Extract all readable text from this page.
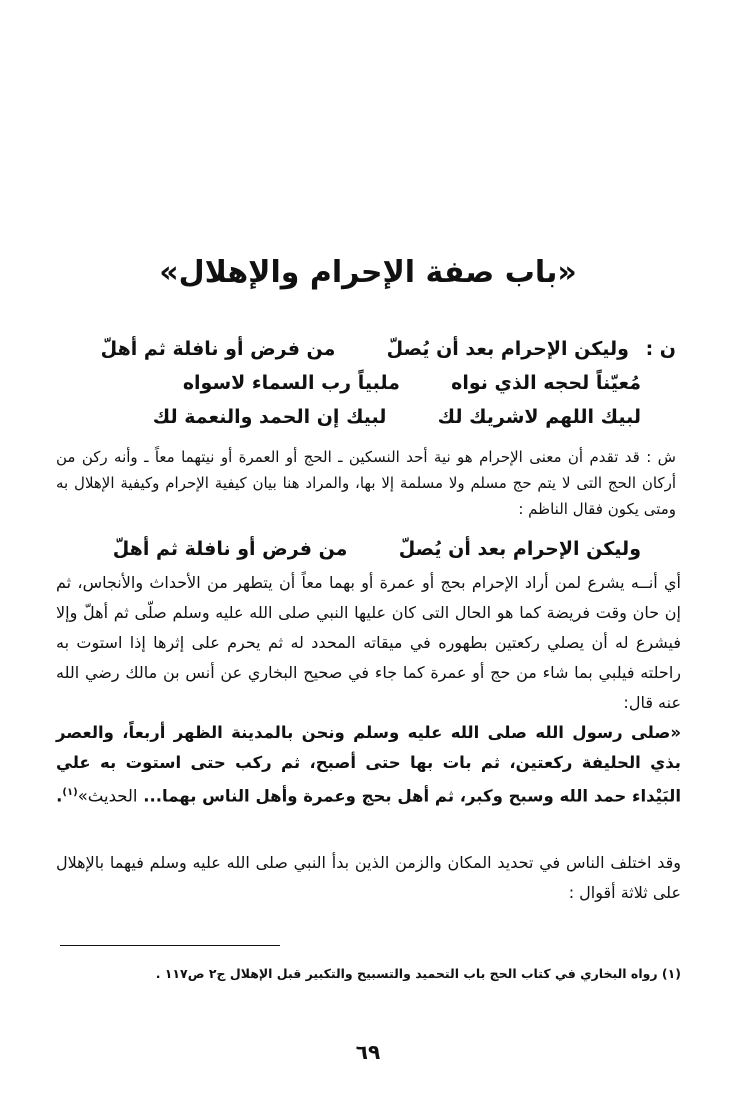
«باب صفة الإحرام والإهلال»
ن : وليكن الإحرام بعد أن يُصلّ  من فرض أو نافلة ثم أهلّ
مُعيّناً لحجه الذي نواه  ملبياً رب السماء لاسواه
لبيك اللهم لاشريك لك  لبيك إن الحمد والنعمة لك
ش : قد تقدم أن معنى الإحرام هو نية أحد النسكين ـ الحج أو العمرة أو نيتهما معاً ـ وأنه ركن من أركان الحج التى لا يتم حج مسلم ولا مسلمة إلا بها، والمراد هنا بيان كيفية الإحرام وكيفية الإهلال به ومتى يكون فقال الناظم :
وليكن الإحرام بعد أن يُصلّ  من فرض أو نافلة ثم أهلّ
أي أنــه يشرع لمن أراد الإحرام بحج أو عمرة أو بهما معاً أن يتطهر من الأحداث والأنجاس، ثم إن حان وقت فريضة كما هو الحال التى كان عليها النبي صلى الله عليه وسلم صلّى ثم أهلّ وإلا فيشرع له أن يصلي ركعتين بطهوره في ميقاته المحدد له ثم يحرم على إثرها إذا استوت به راحلته فيلبي بما شاء من حج أو عمرة كما جاء في صحيح البخاري عن أنس بن مالك رضي الله عنه قال:
«صلى رسول الله صلى الله عليه وسلم ونحن بالمدينة الظهر أربعاً، والعصر بذي الحليفة ركعتين، ثم بات بها حتى أصبح، ثم ركب حتى استوت به علي البَيْداء حمد الله وسبح وكبر، ثم أهل بحج وعمرة وأهل الناس بهما... الحديث»$^{(١)}$.
وقد اختلف الناس في تحديد المكان والزمن الذين بدأ النبي صلى الله عليه وسلم فيهما بالإهلال على ثلاثة أقوال :
(١) رواه البخاري في كتاب الحج باب التحميد والتسبيح والتكبير قبل الإهلال ج٢ ص١١٧ .
٦٩
